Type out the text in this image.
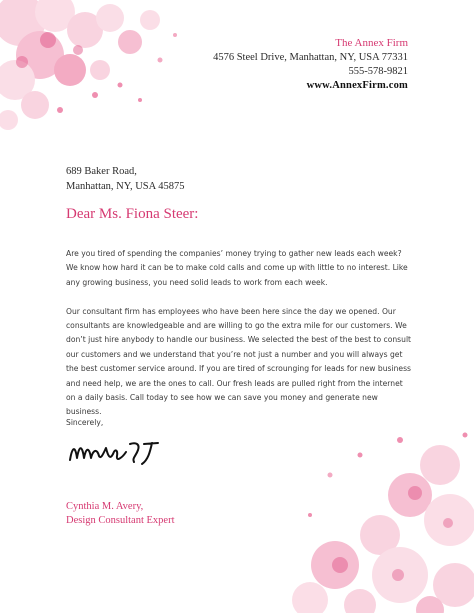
The Annex Firm
4576 Steel Drive, Manhattan, NY, USA 77331
555-578-9821
www.AnnexFirm.com
689 Baker Road,
Manhattan, NY, USA 45875
Dear Ms. Fiona Steer:

Are you tired of spending the companies’ money trying to gather new leads each week? We know how hard it can be to make cold calls and come up with little to no interest. Like any growing business, you need solid leads to work from each week.

Our consultant firm has employees who have been here since the day we opened. Our consultants are knowledgeable and are willing to go the extra mile for our customers. We don’t just hire anybody to handle our business. We selected the best of the best to consult our customers and we understand that you’re not just a number and you will always get the best customer service around. If you are tired of scrounging for leads for new business and need help, we are the ones to call. Our fresh leads are pulled right from the internet on a daily basis. Call today to see how we can save you money and generate new business.

Sincerely,
Cynthia M. Avery,
Design Consultant Expert
